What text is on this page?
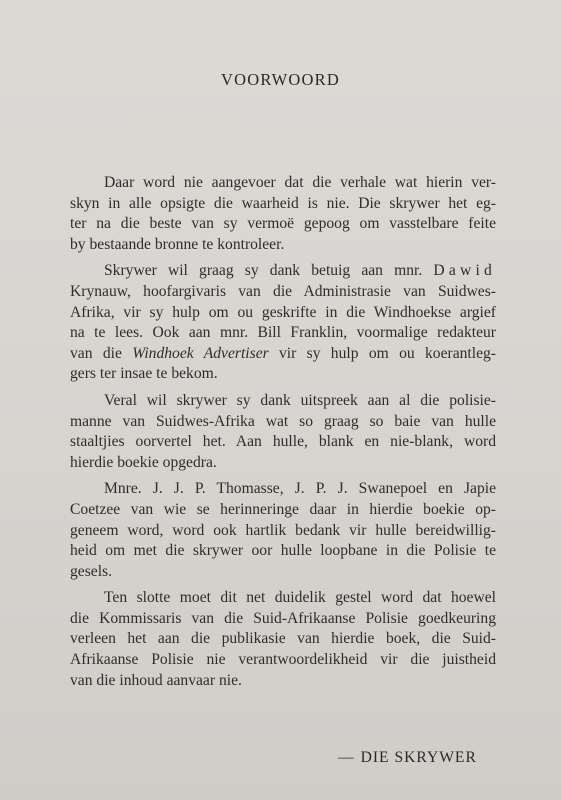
VOORWOORD

Daar word nie aangevoer dat die verhale wat hierin ver-
skyn in alle opsigte die waarheid is nie. Die skrywer het eg-
ter na die beste van sy vermoë gepoog om vasstelbare feite
by bestaande bronne te kontroleer.

Skrywer wil graag sy dank betuig aan mnr. Dawid
Krynauw, hoofargivaris van die Administrasie van Suidwes-
Afrika, vir sy hulp om ou geskrifte in die Windhoekse argief
na te lees. Ook aan mnr. Bill Franklin, voormalige redakteur
van die Windhoek Advertiser vir sy hulp om ou koerantleg-
gers ter insae te bekom.

Veral wil skrywer sy dank uitspreek aan al die polisie-
manne van Suidwes-Afrika wat so graag so baie van hulle
staaltjies oorvertel het. Aan hulle, blank en nie-blank, word
hierdie boekie opgedra.

Mnre. J. J. P. Thomasse, J. P. J. Swanepoel en Japie
Coetzee van wie se herinneringe daar in hierdie boekie op-
geneem word, word ook hartlik bedank vir hulle bereidwillig-
heid om met die skrywer oor hulle loopbane in die Polisie te
gesels.

Ten slotte moet dit net duidelik gestel word dat hoewel
die Kommissaris van die Suid-Afrikaanse Polisie goedkeuring
verleen het aan die publikasie van hierdie boek, die Suid-
Afrikaanse Polisie nie verantwoordelikheid vir die juistheid
van die inhoud aanvaar nie.

— DIE SKRYWER
